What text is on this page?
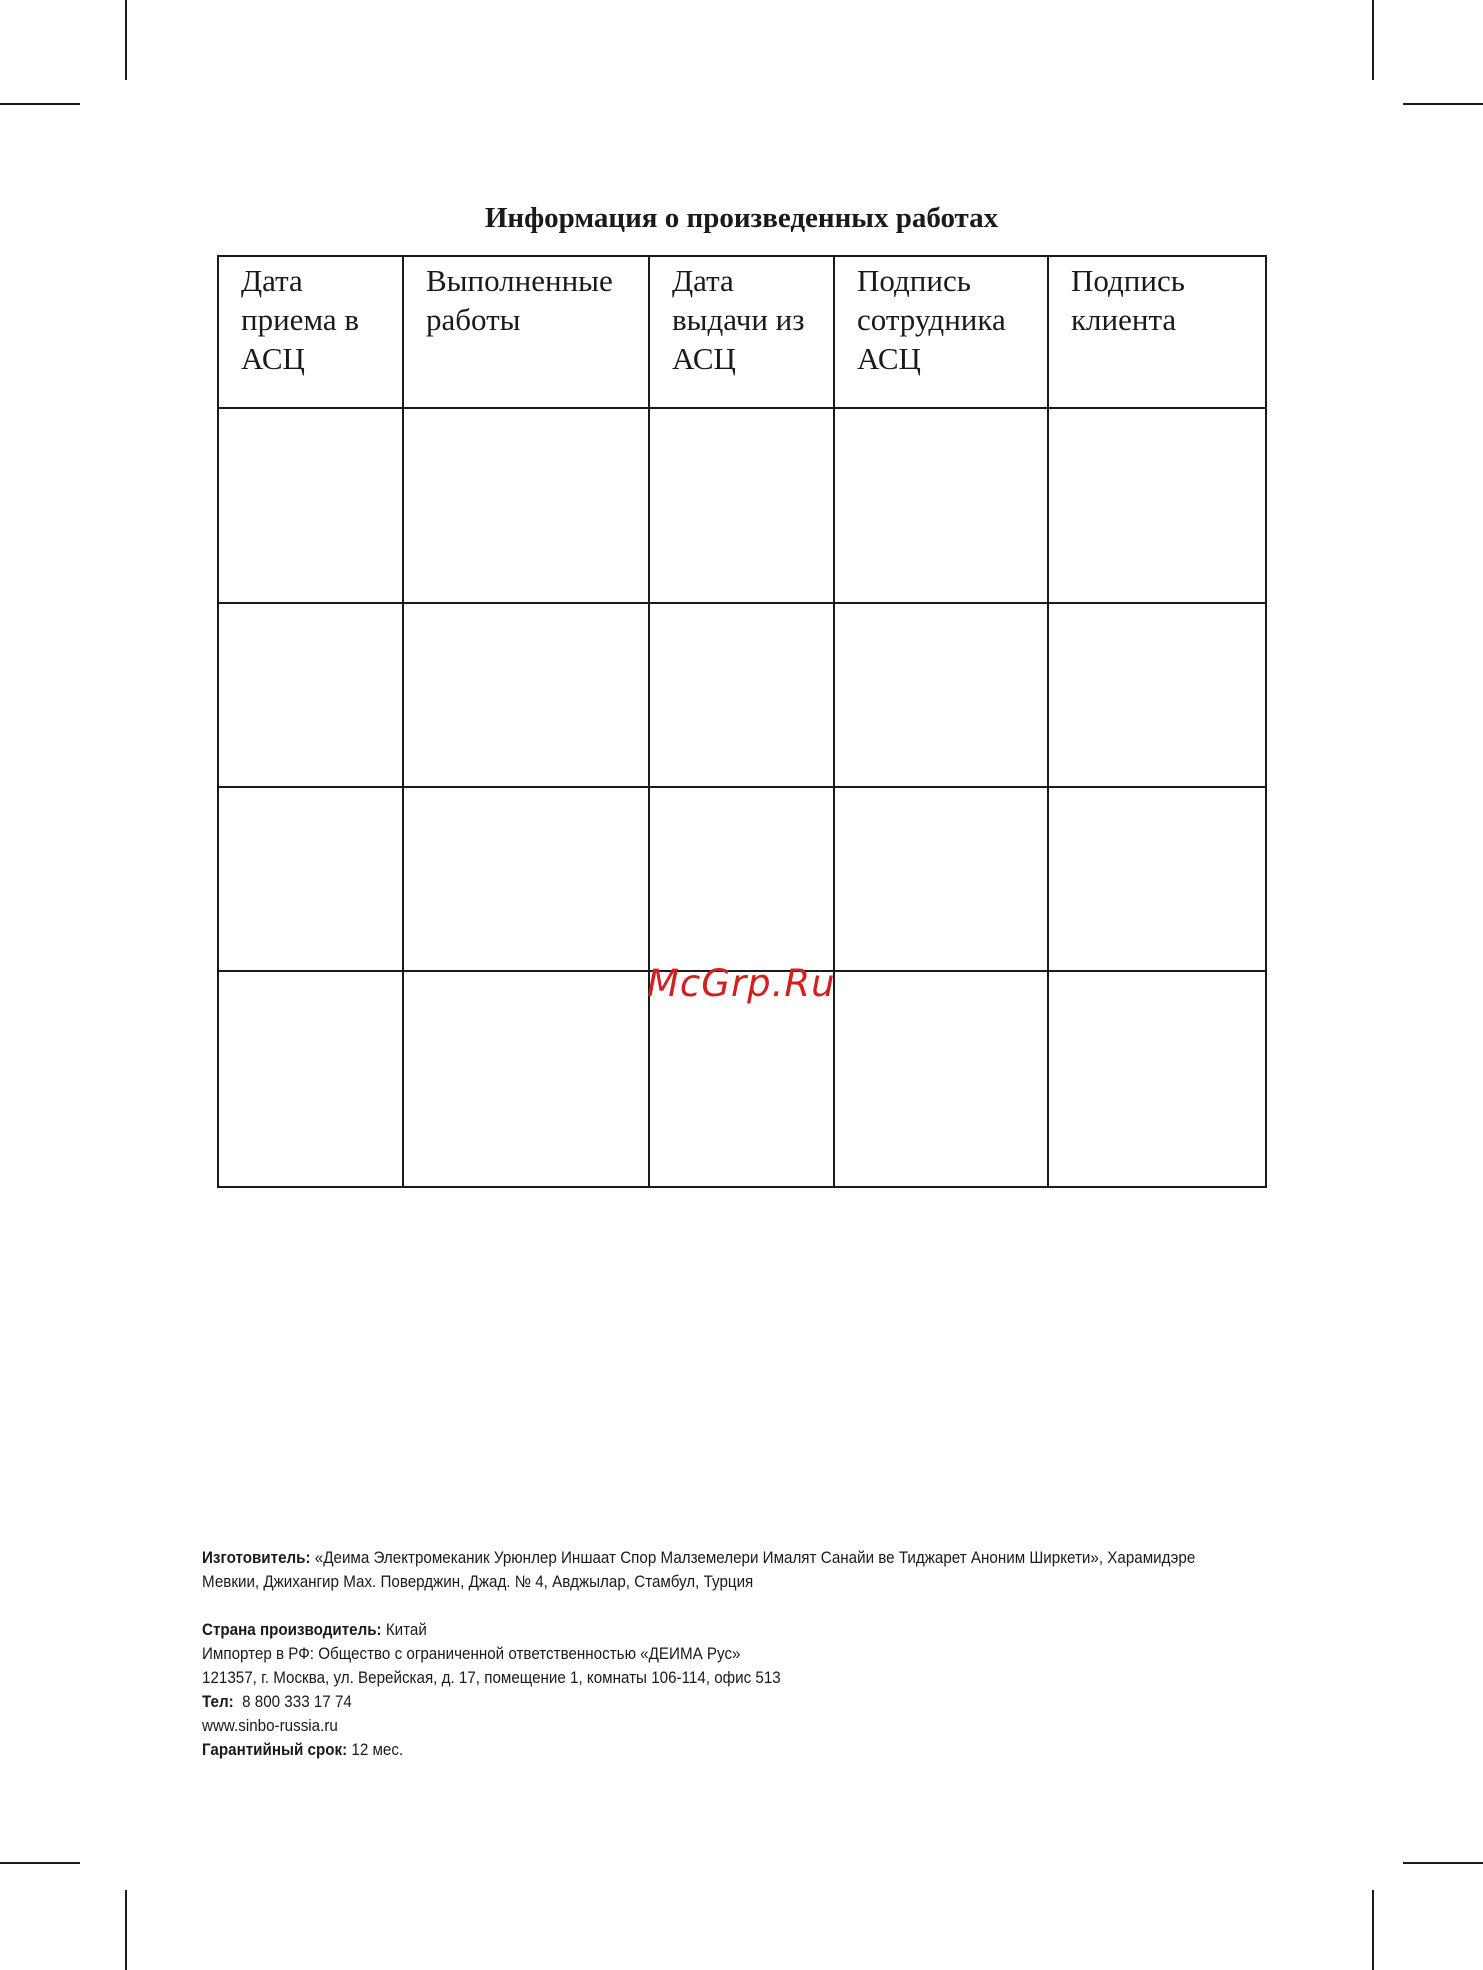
Информация о произведенных работах
Дата
приема в
АСЦ	Выполненные
работы	Дата
выдачи из
АСЦ	Подпись
сотрудника
АСЦ	Подпись
клиента

McGrp.Ru

Изготовитель: «Деима Электромеканик Урюнлер Иншаат Спор Малземелери Ималят Санайи ве Тиджарет Аноним Ширкети», Харамидэре Мевкии, Джихангир Мах. Поверджин, Джад. № 4, Авджылар, Стамбул, Турция

Страна производитель: Китай

Импортер в РФ: Общество с ограниченной ответственностью «ДЕИМА Рус»

121357, г. Москва, ул. Верейская, д. 17, помещение 1, комнаты 106-114, офис 513

Тел:  8 800 333 17 74

www.sinbo-russia.ru

Гарантийный срок: 12 мес.
